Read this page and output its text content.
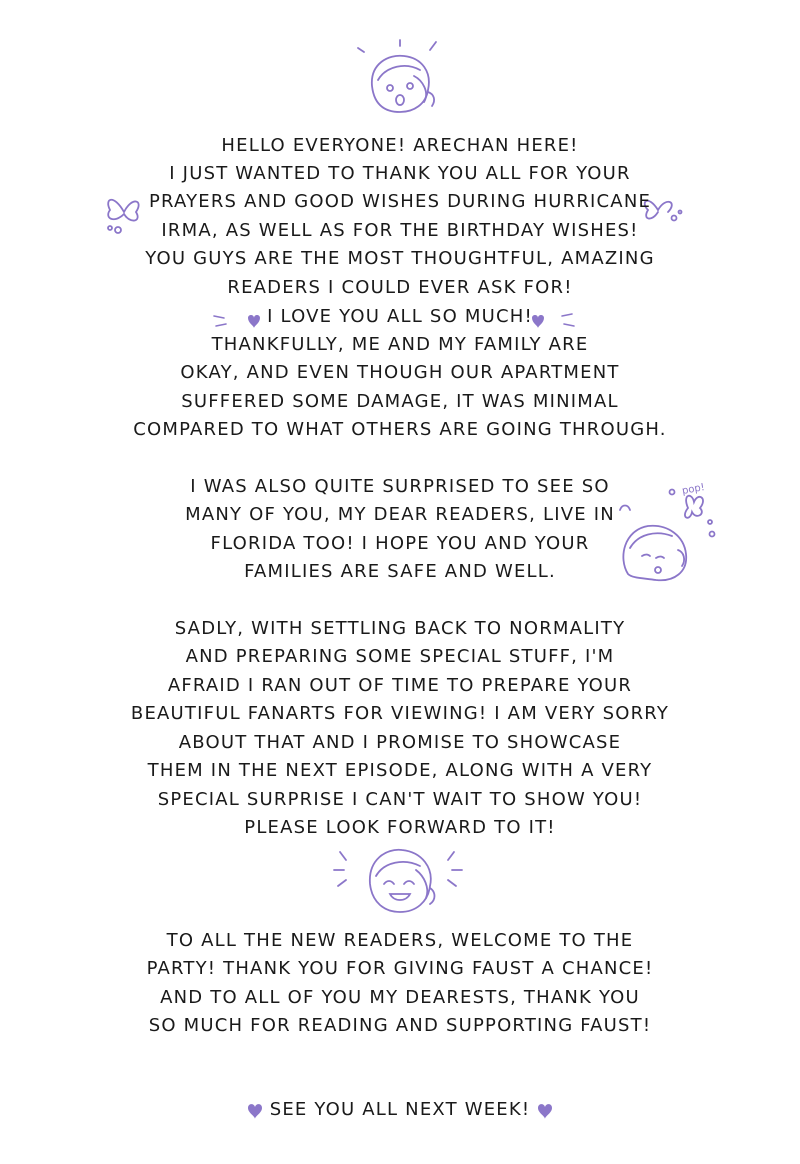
HELLO EVERYONE! ARECHAN HERE!
I JUST WANTED TO THANK YOU ALL FOR YOUR
PRAYERS AND GOOD WISHES DURING HURRICANE
IRMA, AS WELL AS FOR THE BIRTHDAY WISHES!
YOU GUYS ARE THE MOST THOUGHTFUL, AMAZING
READERS I COULD EVER ASK FOR!
I LOVE YOU ALL SO MUCH!
THANKFULLY, ME AND MY FAMILY ARE
OKAY, AND EVEN THOUGH OUR APARTMENT
SUFFERED SOME DAMAGE, IT WAS MINIMAL
COMPARED TO WHAT OTHERS ARE GOING THROUGH.
I WAS ALSO QUITE SURPRISED TO SEE SO
MANY OF YOU, MY DEAR READERS, LIVE IN
FLORIDA TOO! I HOPE YOU AND YOUR
FAMILIES ARE SAFE AND WELL.
pop!
SADLY, WITH SETTLING BACK TO NORMALITY
AND PREPARING SOME SPECIAL STUFF, I'M
AFRAID I RAN OUT OF TIME TO PREPARE YOUR
BEAUTIFUL FANARTS FOR VIEWING! I AM VERY SORRY
ABOUT THAT AND I PROMISE TO SHOWCASE
THEM IN THE NEXT EPISODE, ALONG WITH A VERY
SPECIAL SURPRISE I CAN'T WAIT TO SHOW YOU!
PLEASE LOOK FORWARD TO IT!
TO ALL THE NEW READERS, WELCOME TO THE
PARTY! THANK YOU FOR GIVING FAUST A CHANCE!
AND TO ALL OF YOU MY DEARESTS, THANK YOU
SO MUCH FOR READING AND SUPPORTING FAUST!
SEE YOU ALL NEXT WEEK!
